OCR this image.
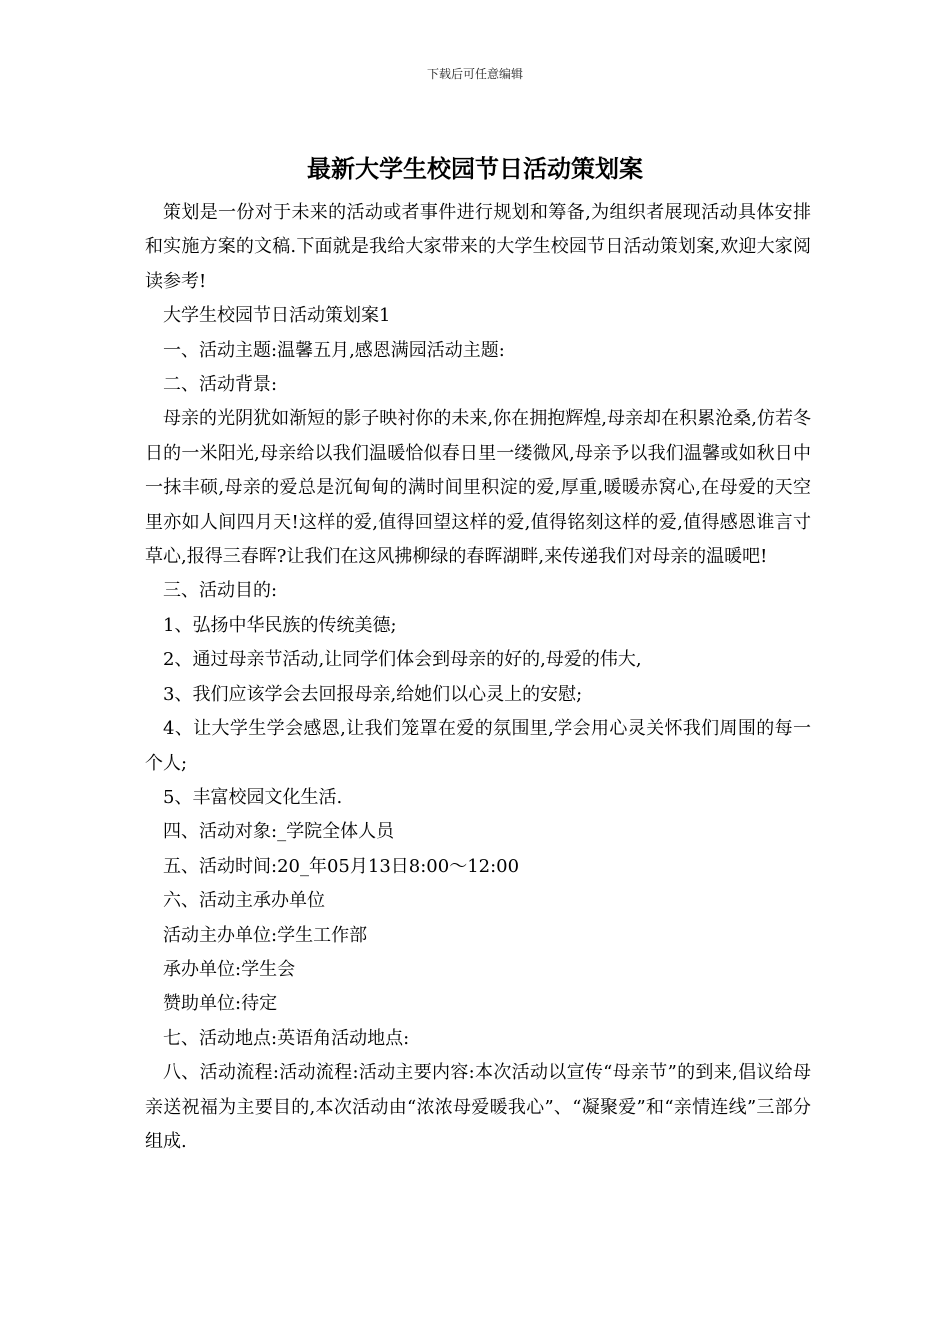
下载后可任意编辑
最新大学生校园节日活动策划案

策划是一份对于未来的活动或者事件进行规划和筹备,为组织者展现活动具体安排和实施方案的文稿.下面就是我给大家带来的大学生校园节日活动策划案,欢迎大家阅读参考!

大学生校园节日活动策划案1

一、活动主题:温馨五月,感恩满园活动主题:

二、活动背景:

母亲的光阴犹如渐短的影子映衬你的未来,你在拥抱辉煌,母亲却在积累沧桑,仿若冬日的一米阳光,母亲给以我们温暖恰似春日里一缕微风,母亲予以我们温馨或如秋日中一抹丰硕,母亲的爱总是沉甸甸的满时间里积淀的爱,厚重,暖暖赤窝心,在母爱的天空里亦如人间四月天!这样的爱,值得回望这样的爱,值得铭刻这样的爱,值得感恩谁言寸草心,报得三春晖?让我们在这风拂柳绿的春晖湖畔,来传递我们对母亲的温暖吧!

三、活动目的:

1、弘扬中华民族的传统美德;

2、通过母亲节活动,让同学们体会到母亲的好的,母爱的伟大,

3、我们应该学会去回报母亲,给她们以心灵上的安慰;

4、让大学生学会感恩,让我们笼罩在爱的氛围里,学会用心灵关怀我们周围的每一个人;

5、丰富校园文化生活.

四、活动对象:_学院全体人员

五、活动时间:20_年05月13日8:00～12:00

六、活动主承办单位

活动主办单位:学生工作部

承办单位:学生会

赞助单位:待定

七、活动地点:英语角活动地点:

八、活动流程:活动流程:活动主要内容:本次活动以宣传“母亲节”的到来,倡议给母亲送祝福为主要目的,本次活动由“浓浓母爱暖我心”、“凝聚爱”和“亲情连线”三部分组成.
